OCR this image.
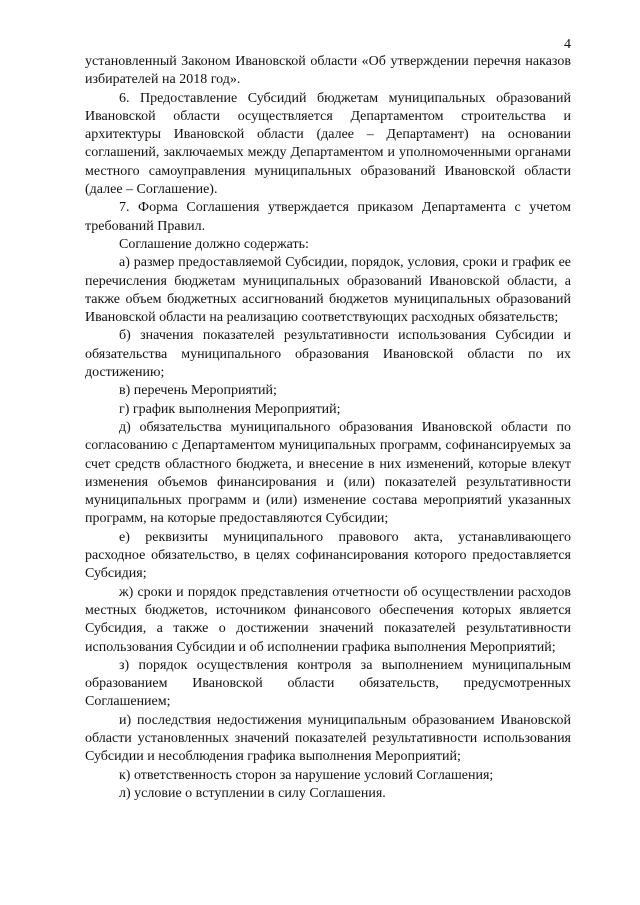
4

установленный Законом Ивановской области «Об утверждении перечня наказов избирателей на 2018 год».

6. Предоставление Субсидий бюджетам муниципальных образований Ивановской области осуществляется Департаментом строительства и архитектуры Ивановской области (далее – Департамент) на основании соглашений, заключаемых между Департаментом и уполномоченными органами местного самоуправления муниципальных образований Ивановской области (далее – Соглашение).

7. Форма Соглашения утверждается приказом Департамента с учетом требований Правил.

Соглашение должно содержать:

а) размер предоставляемой Субсидии, порядок, условия, сроки и график ее перечисления бюджетам муниципальных образований Ивановской области, а также объем бюджетных ассигнований бюджетов муниципальных образований Ивановской области на реализацию соответствующих расходных обязательств;

б) значения показателей результативности использования Субсидии и обязательства муниципального образования Ивановской области по их достижению;

в) перечень Мероприятий;

г) график выполнения Мероприятий;

д) обязательства муниципального образования Ивановской области по согласованию с Департаментом муниципальных программ, софинансируемых за счет средств областного бюджета, и внесение в них изменений, которые влекут изменения объемов финансирования и (или) показателей результативности муниципальных программ и (или) изменение состава мероприятий указанных программ, на которые предоставляются Субсидии;

е) реквизиты муниципального правового акта, устанавливающего расходное обязательство, в целях софинансирования которого предоставляется Субсидия;

ж) сроки и порядок представления отчетности об осуществлении расходов местных бюджетов, источником финансового обеспечения которых является Субсидия, а также о достижении значений показателей результативности использования Субсидии и об исполнении графика выполнения Мероприятий;

з) порядок осуществления контроля за выполнением муниципальным образованием Ивановской области обязательств, предусмотренных Соглашением;

и) последствия недостижения муниципальным образованием Ивановской области установленных значений показателей результативности использования Субсидии и несоблюдения графика выполнения Мероприятий;

к) ответственность сторон за нарушение условий Соглашения;

л) условие о вступлении в силу Соглашения.
